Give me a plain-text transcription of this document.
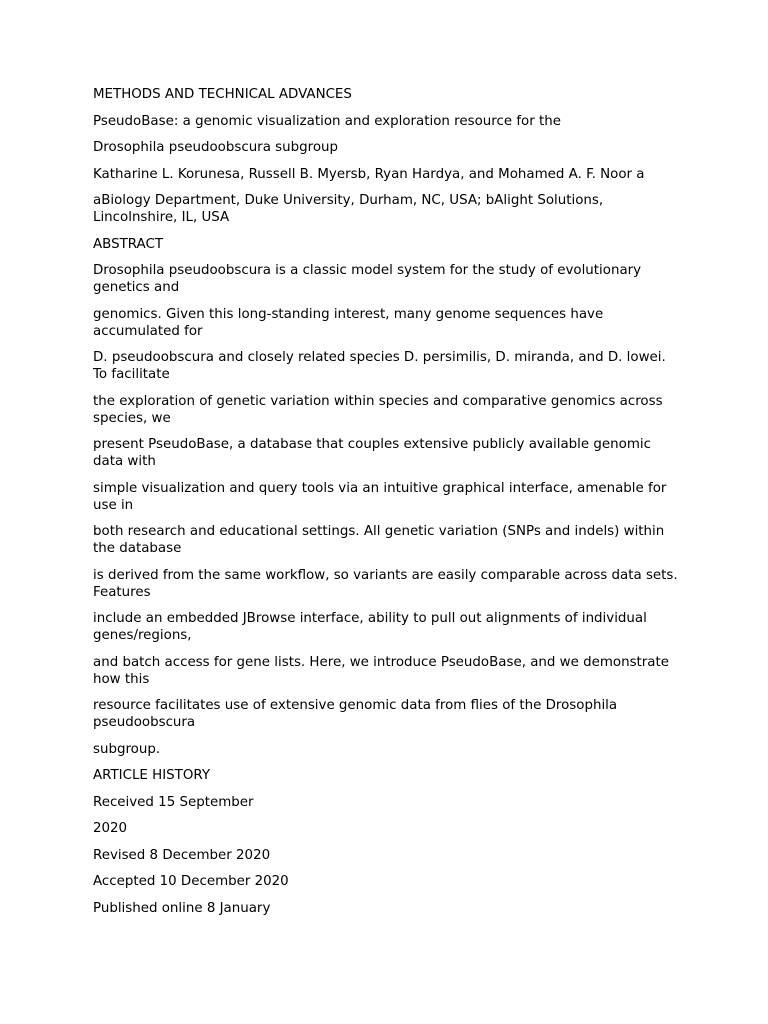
METHODS AND TECHNICAL ADVANCES

PseudoBase: a genomic visualization and exploration resource for the

Drosophila pseudoobscura subgroup

Katharine L. Korunesa, Russell B. Myersb, Ryan Hardya, and Mohamed A. F. Noor a

aBiology Department, Duke University, Durham, NC, USA; bAlight Solutions, Lincolnshire, IL, USA

ABSTRACT

Drosophila pseudoobscura is a classic model system for the study of evolutionary genetics and

genomics. Given this long-standing interest, many genome sequences have accumulated for

D. pseudoobscura and closely related species D. persimilis, D. miranda, and D. lowei. To facilitate

the exploration of genetic variation within species and comparative genomics across species, we

present PseudoBase, a database that couples extensive publicly available genomic data with

simple visualization and query tools via an intuitive graphical interface, amenable for use in

both research and educational settings. All genetic variation (SNPs and indels) within the database

is derived from the same workflow, so variants are easily comparable across data sets. Features

include an embedded JBrowse interface, ability to pull out alignments of individual genes/regions,

and batch access for gene lists. Here, we introduce PseudoBase, and we demonstrate how this

resource facilitates use of extensive genomic data from flies of the Drosophila pseudoobscura

subgroup.

ARTICLE HISTORY

Received 15 September

2020

Revised 8 December 2020

Accepted 10 December 2020

Published online 8 January
